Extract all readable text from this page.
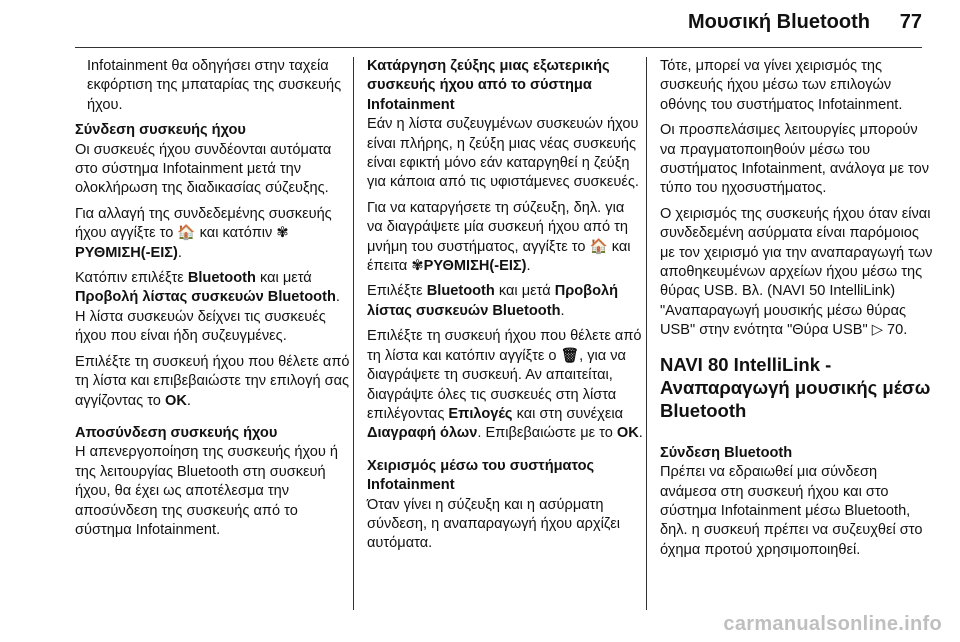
Μουσική Bluetooth 77

Infotainment θα οδηγήσει στην ταχεία εκφόρτιση της μπαταρίας της συσκευής ήχου.

Σύνδεση συσκευής ήχου

Οι συσκευές ήχου συνδέονται αυτόματα στο σύστημα Infotainment μετά την ολοκλήρωση της διαδικασίας σύζευξης.

Για αλλαγή της συνδεδεμένης συσκευής ήχου αγγίξτε το 🏠 και κατόπιν ✾ΡΥΘΜΙΣΗ(-ΕΙΣ).

Κατόπιν επιλέξτε Bluetooth και μετά Προβολή λίστας συσκευών Bluetooth. Η λίστα συσκευών δείχνει τις συσκευές ήχου που είναι ήδη συζευγμένες.

Επιλέξτε τη συσκευή ήχου που θέλετε από τη λίστα και επιβεβαιώστε την επιλογή σας αγγίζοντας το OK.

Αποσύνδεση συσκευής ήχου

Η απενεργοποίηση της συσκευής ήχου ή της λειτουργίας Bluetooth στη συσκευή ήχου, θα έχει ως αποτέλεσμα την αποσύνδεση της συσκευής από το σύστημα Infotainment.

Κατάργηση ζεύξης μιας εξωτερικής συσκευής ήχου από το σύστημα Infotainment

Εάν η λίστα συζευγμένων συσκευών ήχου είναι πλήρης, η ζεύξη μιας νέας συσκευής είναι εφικτή μόνο εάν καταργηθεί η ζεύξη για κάποια από τις υφιστάμενες συσκευές.

Για να καταργήσετε τη σύζευξη, δηλ. για να διαγράψετε μία συσκευή ήχου από τη μνήμη του συστήματος, αγγίξτε το 🏠 και έπειτα ✾ΡΥΘΜΙΣΗ(-ΕΙΣ).

Επιλέξτε Bluetooth και μετά Προβολή λίστας συσκευών Bluetooth.

Επιλέξτε τη συσκευή ήχου που θέλετε από τη λίστα και κατόπιν αγγίξτε ο 🗑, για να διαγράψετε τη συσκευή. Αν απαιτείται, διαγράψτε όλες τις συσκευές στη λίστα επιλέγοντας Επιλογές και στη συνέχεια Διαγραφή όλων. Επιβεβαιώστε με το OK.

Χειρισμός μέσω του συστήματος Infotainment

Όταν γίνει η σύζευξη και η ασύρματη σύνδεση, η αναπαραγωγή ήχου αρχίζει αυτόματα.

Τότε, μπορεί να γίνει χειρισμός της συσκευής ήχου μέσω των επιλογών οθόνης του συστήματος Infotainment.

Οι προσπελάσιμες λειτουργίες μπορούν να πραγματοποιηθούν μέσω του συστήματος Infotainment, ανάλογα με τον τύπο του ηχοσυστήματος.

Ο χειρισμός της συσκευής ήχου όταν είναι συνδεδεμένη ασύρματα είναι παρόμοιος με τον χειρισμό για την αναπαραγωγή των αποθηκευμένων αρχείων ήχου μέσω της θύρας USB. Βλ. (NAVI 50 IntelliLink) "Αναπαραγωγή μουσικής μέσω θύρας USB" στην ενότητα "Θύρα USB" ▷ 70.

NAVI 80 IntelliLink - Αναπαραγωγή μουσικής μέσω Bluetooth

Σύνδεση Bluetooth

Πρέπει να εδραιωθεί μια σύνδεση ανάμεσα στη συσκευή ήχου και στο σύστημα Infotainment μέσω Bluetooth, δηλ. η συσκευή πρέπει να συζευχθεί στο όχημα προτού χρησιμοποιηθεί.

carmanualsonline.info
